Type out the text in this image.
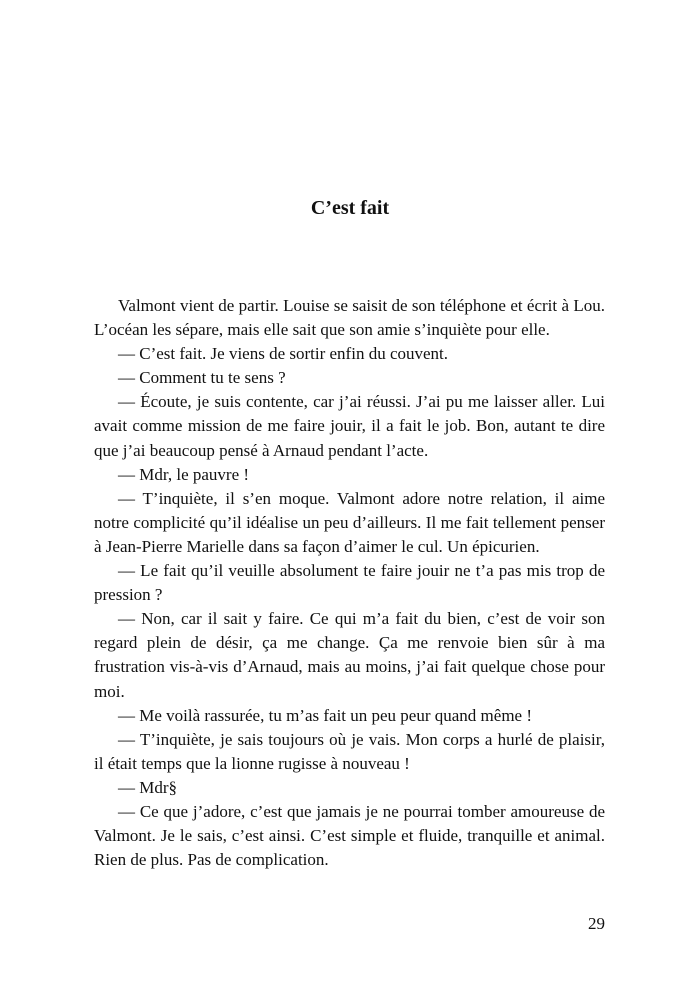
C’est fait

Valmont vient de partir. Louise se saisit de son téléphone et écrit à Lou. L’océan les sépare, mais elle sait que son amie s’inquiète pour elle.

— C’est fait. Je viens de sortir enfin du couvent.

— Comment tu te sens ?

— Écoute, je suis contente, car j’ai réussi. J’ai pu me laisser aller. Lui avait comme mission de me faire jouir, il a fait le job. Bon, autant te dire que j’ai beaucoup pensé à Arnaud pendant l’acte.

— Mdr, le pauvre !

— T’inquiète, il s’en moque. Valmont adore notre relation, il aime notre complicité qu’il idéalise un peu d’ailleurs. Il me fait tellement penser à Jean-Pierre Marielle dans sa façon d’aimer le cul. Un épicurien.

— Le fait qu’il veuille absolument te faire jouir ne t’a pas mis trop de pression ?

— Non, car il sait y faire. Ce qui m’a fait du bien, c’est de voir son regard plein de désir, ça me change. Ça me renvoie bien sûr à ma frustration vis-à-vis d’Arnaud, mais au moins, j’ai fait quelque chose pour moi.

— Me voilà rassurée, tu m’as fait un peu peur quand même !

— T’inquiète, je sais toujours où je vais. Mon corps a hurlé de plaisir, il était temps que la lionne rugisse à nouveau !

— Mdr§

— Ce que j’adore, c’est que jamais je ne pourrai tomber amoureuse de Valmont. Je le sais, c’est ainsi. C’est simple et fluide, tranquille et animal. Rien de plus. Pas de complication.

29
